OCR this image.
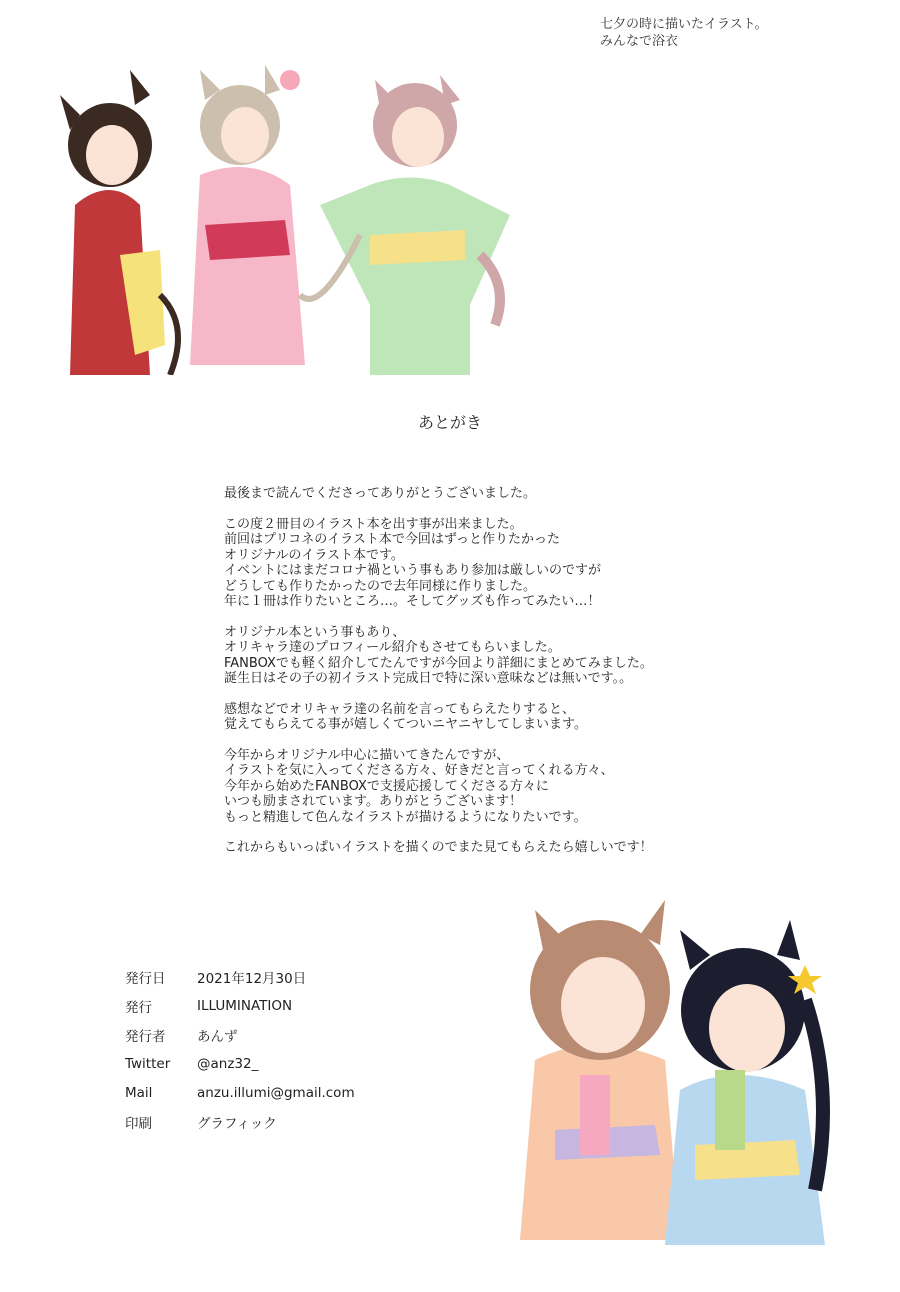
七夕の時に描いたイラスト。
みんなで浴衣
あとがき

最後まで読んでくださってありがとうございました。

この度２冊目のイラスト本を出す事が出来ました。
前回はプリコネのイラスト本で今回はずっと作りたかった
オリジナルのイラスト本です。
イベントにはまだコロナ禍という事もあり参加は厳しいのですが
どうしても作りたかったので去年同様に作りました。
年に１冊は作りたいところ…。そしてグッズも作ってみたい…！

オリジナル本という事もあり、
オリキャラ達のプロフィール紹介もさせてもらいました。
FANBOXでも軽く紹介してたんですが今回より詳細にまとめてみました。
誕生日はその子の初イラスト完成日で特に深い意味などは無いです。。

感想などでオリキャラ達の名前を言ってもらえたりすると、
覚えてもらえてる事が嬉しくてついニヤニヤしてしまいます。

今年からオリジナル中心に描いてきたんですが、
イラストを気に入ってくださる方々、好きだと言ってくれる方々、
今年から始めたFANBOXで支援応援してくださる方々に
いつも励まされています。ありがとうございます！
もっと精進して色んなイラストが描けるようになりたいです。

これからもいっぱいイラストを描くのでまた見てもらえたら嬉しいです！

発行日	2021年12月30日
発行	ILLUMINATION
発行者	あんず
Twitter	@anz32_
Mail	anzu.illumi@gmail.com
印刷	グラフィック
